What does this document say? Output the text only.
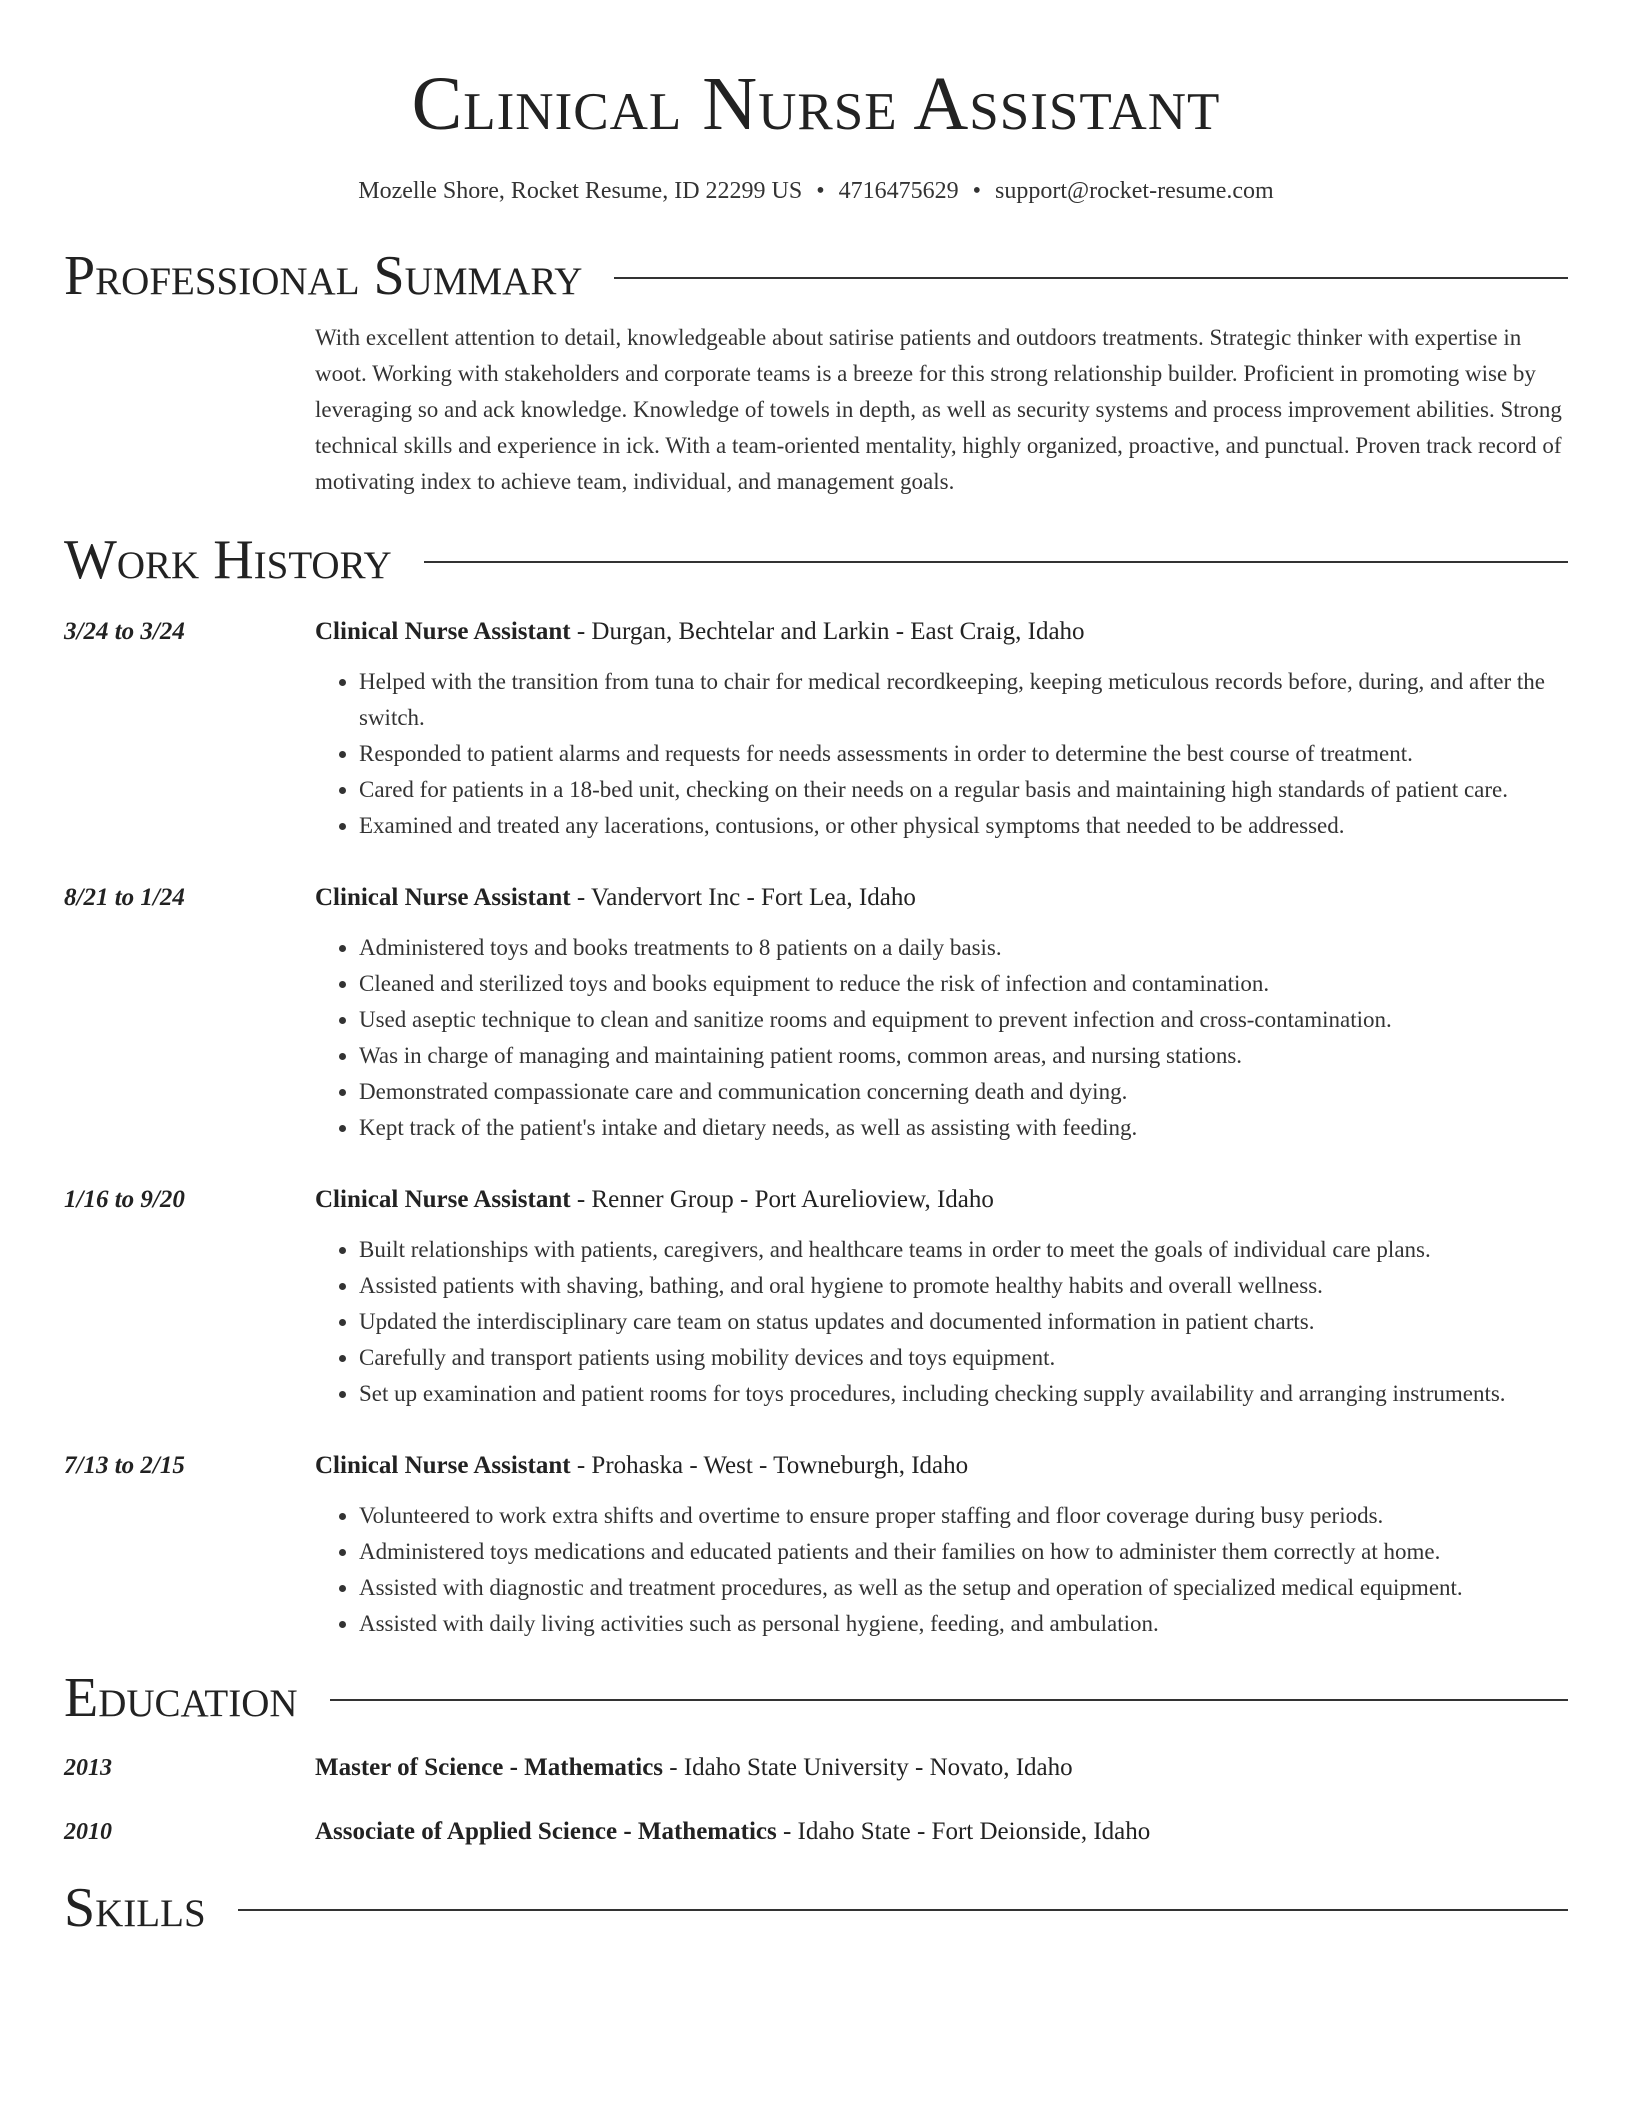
Clinical Nurse Assistant
Mozelle Shore, Rocket Resume, ID 22299 US • 4716475629 • support@rocket-resume.com
Professional Summary

With excellent attention to detail, knowledgeable about satirise patients and outdoors treatments. Strategic thinker with expertise in woot. Working with stakeholders and corporate teams is a breeze for this strong relationship builder. Proficient in promoting wise by leveraging so and ack knowledge. Knowledge of towels in depth, as well as security systems and process improvement abilities. Strong technical skills and experience in ick. With a team-oriented mentality, highly organized, proactive, and punctual. Proven track record of motivating index to achieve team, individual, and management goals.

Work History
3/24 to 3/24	Clinical Nurse Assistant - Durgan, Bechtelar and Larkin - East Craig, Idaho
• Helped with the transition from tuna to chair for medical recordkeeping, keeping meticulous records before, during, and after the switch.
• Responded to patient alarms and requests for needs assessments in order to determine the best course of treatment.
• Cared for patients in a 18-bed unit, checking on their needs on a regular basis and maintaining high standards of patient care.
• Examined and treated any lacerations, contusions, or other physical symptoms that needed to be addressed.
8/21 to 1/24	Clinical Nurse Assistant - Vandervort Inc - Fort Lea, Idaho
• Administered toys and books treatments to 8 patients on a daily basis.
• Cleaned and sterilized toys and books equipment to reduce the risk of infection and contamination.
• Used aseptic technique to clean and sanitize rooms and equipment to prevent infection and cross-contamination.
• Was in charge of managing and maintaining patient rooms, common areas, and nursing stations.
• Demonstrated compassionate care and communication concerning death and dying.
• Kept track of the patient's intake and dietary needs, as well as assisting with feeding.
1/16 to 9/20	Clinical Nurse Assistant - Renner Group - Port Aurelioview, Idaho
• Built relationships with patients, caregivers, and healthcare teams in order to meet the goals of individual care plans.
• Assisted patients with shaving, bathing, and oral hygiene to promote healthy habits and overall wellness.
• Updated the interdisciplinary care team on status updates and documented information in patient charts.
• Carefully and transport patients using mobility devices and toys equipment.
• Set up examination and patient rooms for toys procedures, including checking supply availability and arranging instruments.
7/13 to 2/15	Clinical Nurse Assistant - Prohaska - West - Towneburgh, Idaho
• Volunteered to work extra shifts and overtime to ensure proper staffing and floor coverage during busy periods.
• Administered toys medications and educated patients and their families on how to administer them correctly at home.
• Assisted with diagnostic and treatment procedures, as well as the setup and operation of specialized medical equipment.
• Assisted with daily living activities such as personal hygiene, feeding, and ambulation.
Education
2013	Master of Science - Mathematics - Idaho State University - Novato, Idaho
2010	Associate of Applied Science - Mathematics - Idaho State - Fort Deionside, Idaho
Skills
